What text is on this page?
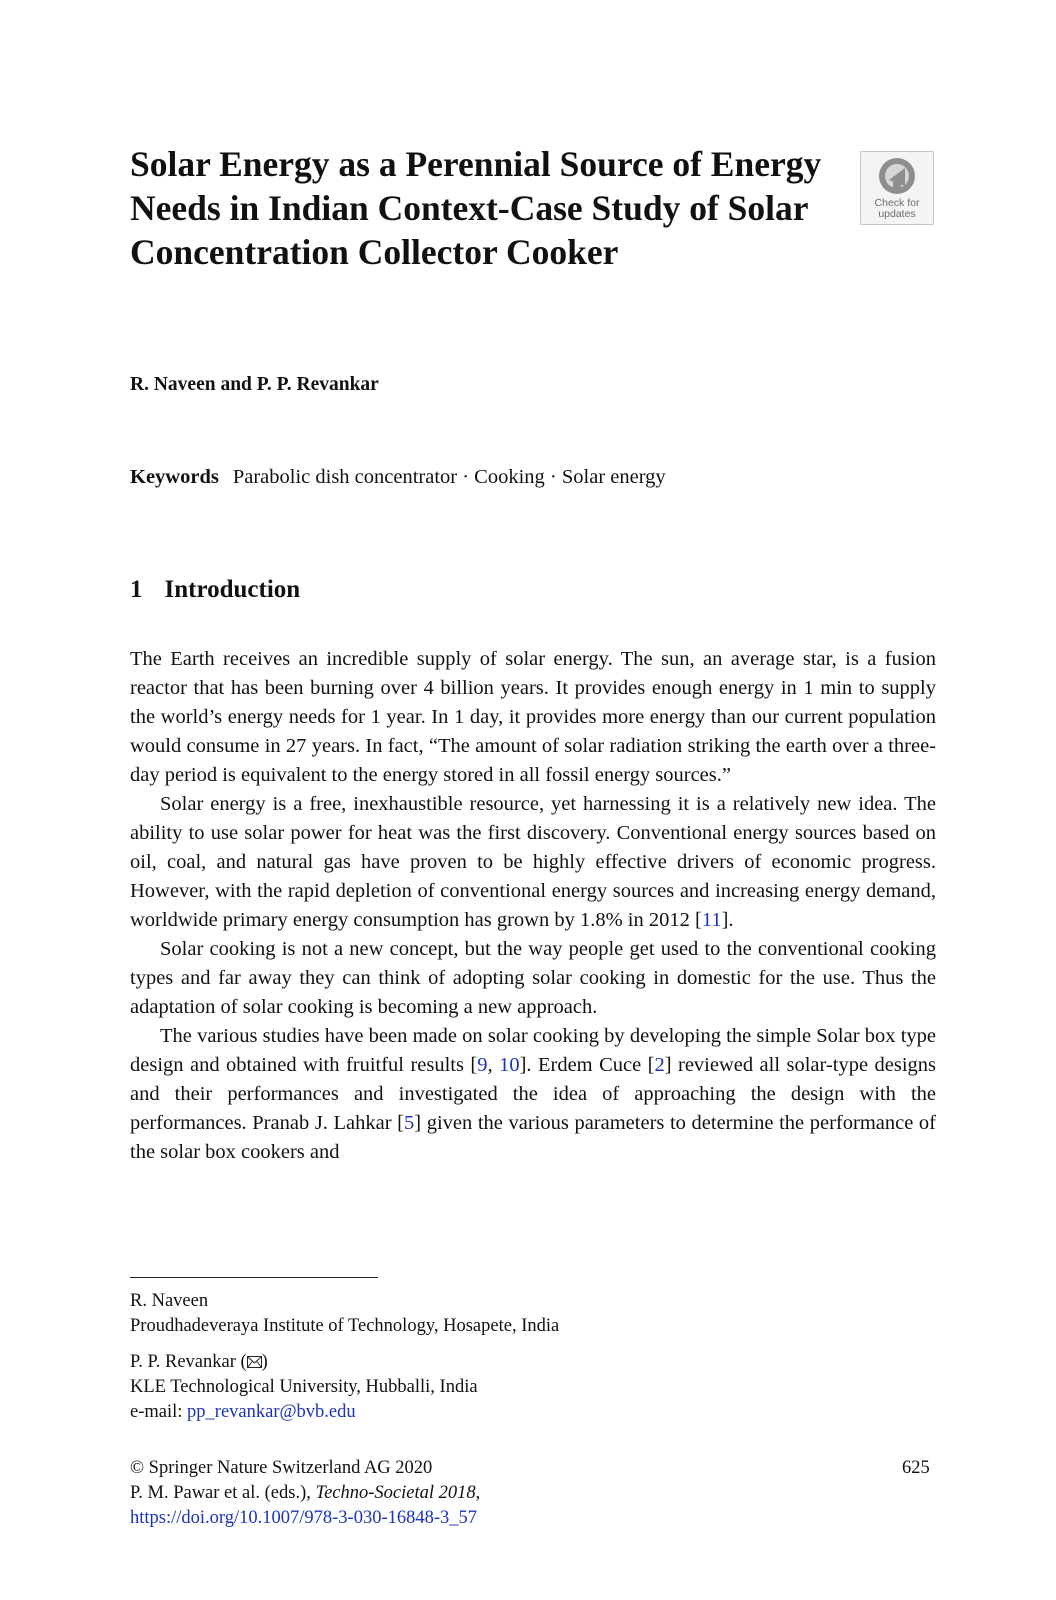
Solar Energy as a Perennial Source of Energy Needs in Indian Context-Case Study of Solar Concentration Collector Cooker
Check for
updates
R. Naveen and P. P. Revankar
Keywords Parabolic dish concentrator · Cooking · Solar energy
1 Introduction

The Earth receives an incredible supply of solar energy. The sun, an average star, is a fusion reactor that has been burning over 4 billion years. It provides enough energy in 1 min to supply the world’s energy needs for 1 year. In 1 day, it provides more energy than our current population would consume in 27 years. In fact, “The amount of solar radiation striking the earth over a three-day period is equivalent to the energy stored in all fossil energy sources.”

Solar energy is a free, inexhaustible resource, yet harnessing it is a relatively new idea. The ability to use solar power for heat was the first discovery. Conventional energy sources based on oil, coal, and natural gas have proven to be highly effective drivers of economic progress. However, with the rapid depletion of conventional energy sources and increasing energy demand, worldwide primary energy consumption has grown by 1.8% in 2012 [11].

Solar cooking is not a new concept, but the way people get used to the conventional cooking types and far away they can think of adopting solar cooking in domestic for the use. Thus the adaptation of solar cooking is becoming a new approach.

The various studies have been made on solar cooking by developing the simple Solar box type design and obtained with fruitful results [9, 10]. Erdem Cuce [2] reviewed all solar-type designs and their performances and investigated the idea of approaching the design with the performances. Pranab J. Lahkar [5] given the various parameters to determine the performance of the solar box cookers and

R. Naveen
Proudhadeveraya Institute of Technology, Hosapete, India
P. P. Revankar ( )
KLE Technological University, Hubballi, India
e-mail: pp_revankar@bvb.edu
© Springer Nature Switzerland AG 2020
P. M. Pawar et al. (eds.), Techno-Societal 2018,
https://doi.org/10.1007/978-3-030-16848-3_57
625
